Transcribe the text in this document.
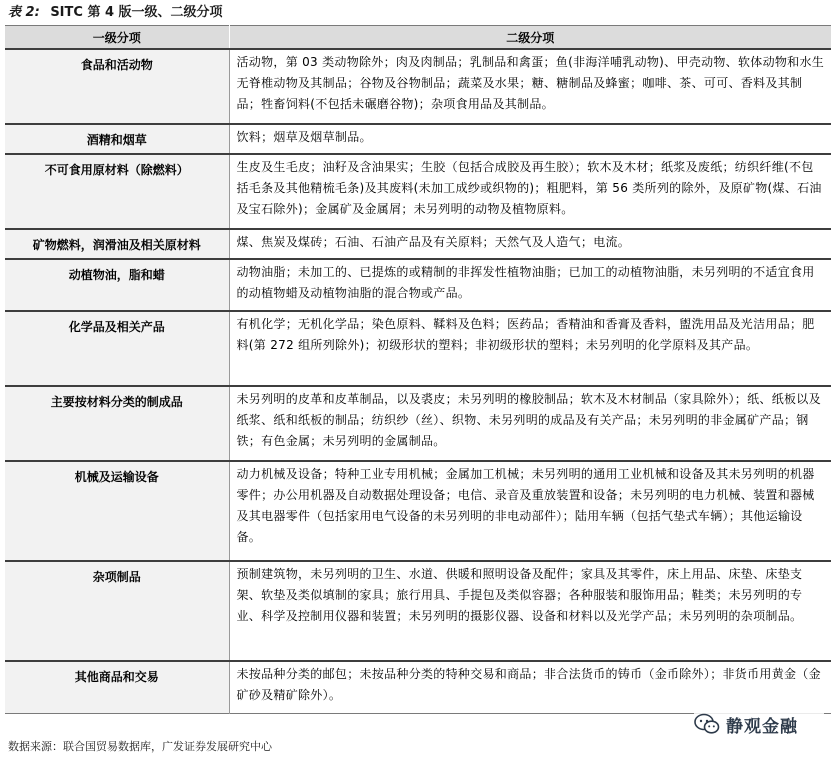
表 2: SITC 第 4 版一级、二级分项
一级分项	二级分项
食品和活动物	活动物，第 03 类动物除外；肉及肉制品；乳制品和禽蛋；鱼(非海洋哺乳动物)、甲壳动物、软体动物和水生无脊椎动物及其制品；谷物及谷物制品；蔬菜及水果；糖、糖制品及蜂蜜；咖啡、茶、可可、香料及其制品；牲畜饲料(不包括未碾磨谷物)；杂项食用品及其制品。
酒精和烟草	饮料；烟草及烟草制品。
不可食用原材料（除燃料）	生皮及生毛皮；油籽及含油果实；生胶（包括合成胶及再生胶）；软木及木材；纸浆及废纸；纺织纤维(不包括毛条及其他精梳毛条)及其废料(未加工成纱或织物的)；粗肥料，第 56 类所列的除外，及原矿物(煤、石油及宝石除外)；金属矿及金属屑；未另列明的动物及植物原料。
矿物燃料，润滑油及相关原材料	煤、焦炭及煤砖；石油、石油产品及有关原料；天然气及人造气；电流。
动植物油，脂和蜡	动物油脂；未加工的、已提炼的或精制的非挥发性植物油脂；已加工的动植物油脂，未另列明的不适宜食用的动植物蜡及动植物油脂的混合物或产品。
化学品及相关产品	有机化学；无机化学品；染色原料、鞣料及色料；医药品；香精油和香膏及香料，盥洗用品及光洁用品；肥料(第 272 组所列除外)；初级形状的塑料；非初级形状的塑料；未另列明的化学原料及其产品。
主要按材料分类的制成品	未另列明的皮革和皮革制品，以及裘皮；未另列明的橡胶制品；软木及木材制品（家具除外）；纸、纸板以及纸浆、纸和纸板的制品；纺织纱（丝）、织物、未另列明的成品及有关产品；未另列明的非金属矿产品；钢铁；有色金属；未另列明的金属制品。
机械及运输设备	动力机械及设备；特种工业专用机械；金属加工机械；未另列明的通用工业机械和设备及其未另列明的机器零件；办公用机器及自动数据处理设备；电信、录音及重放装置和设备；未另列明的电力机械、装置和器械及其电器零件（包括家用电气设备的未另列明的非电动部件）；陆用车辆（包括气垫式车辆）；其他运输设备。
杂项制品	预制建筑物，未另列明的卫生、水道、供暖和照明设备及配件；家具及其零件，床上用品、床垫、床垫支架、软垫及类似填制的家具；旅行用具、手提包及类似容器；各种服装和服饰用品；鞋类；未另列明的专业、科学及控制用仪器和装置；未另列明的摄影仪器、设备和材料以及光学产品；未另列明的杂项制品。
其他商品和交易	未按品种分类的邮包；未按品种分类的特种交易和商品；非合法货币的铸币（金币除外）；非货币用黄金（金矿砂及精矿除外）。
数据来源：联合国贸易数据库，广发证券发展研究中心
静观金融
